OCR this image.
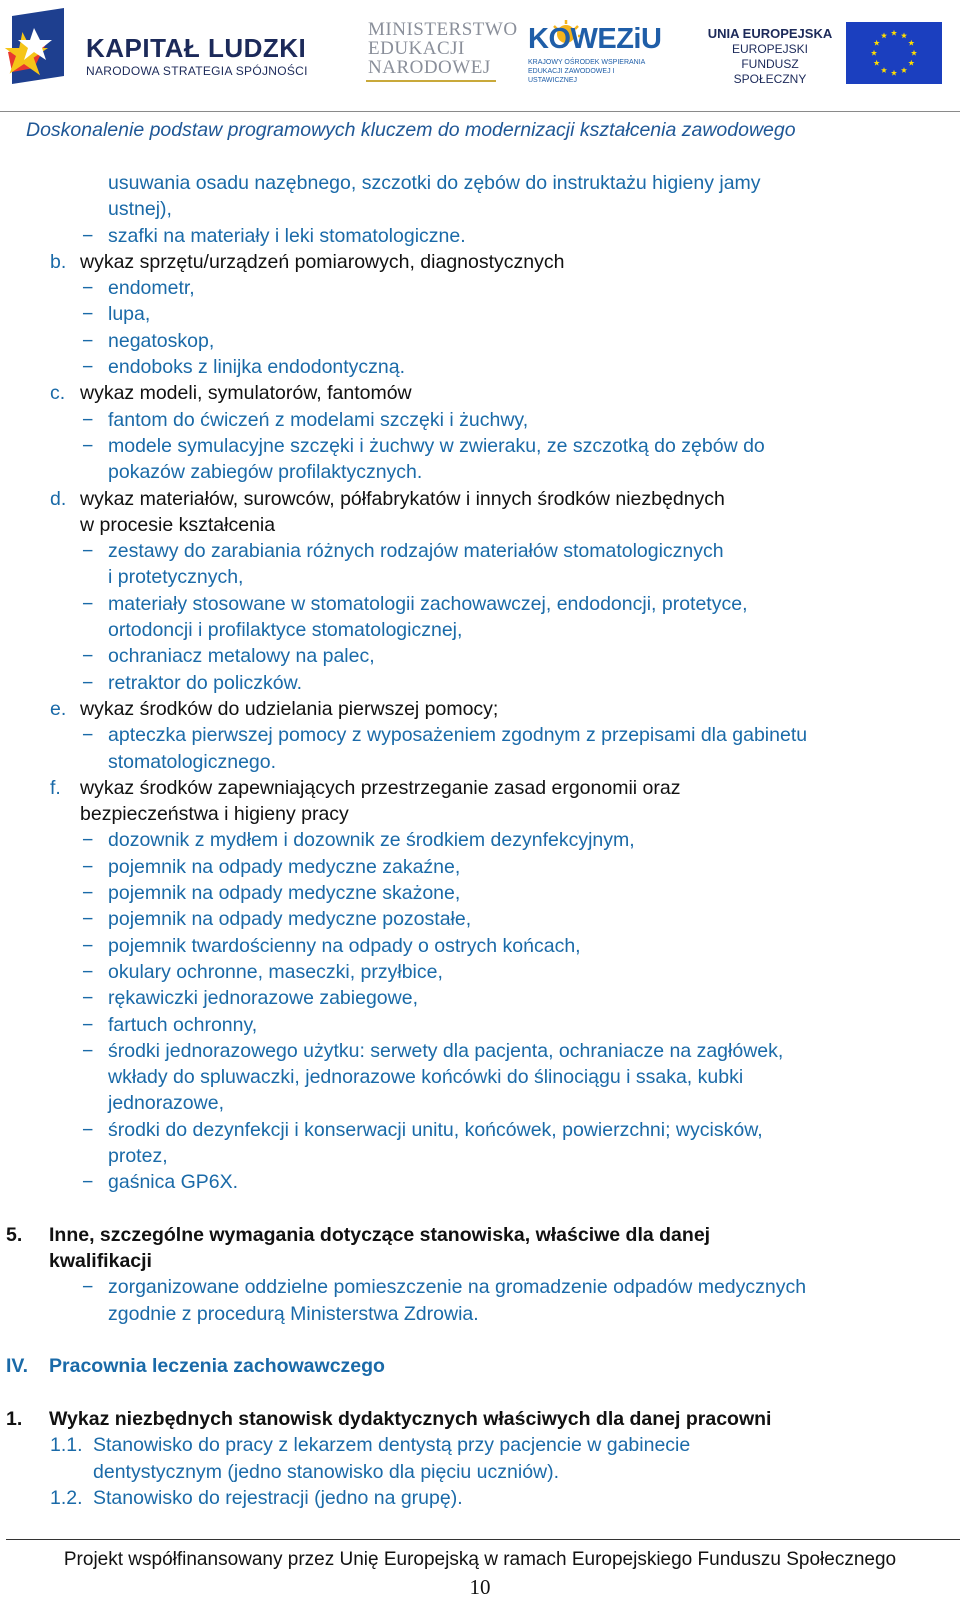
KAPITAŁ LUDZKI
NARODOWA STRATEGIA SPÓJNOŚCI
MINISTERSTWO
EDUKACJI
NARODOWEJ
KOWEZiU
KRAJOWY OŚRODEK WSPIERANIA EDUKACJI ZAWODOWEJ I USTAWICZNEJ
UNIA EUROPEJSKA
EUROPEJSKI
FUNDUSZ SPOŁECZNY
Doskonalenie podstaw programowych kluczem do modernizacji kształcenia zawodowego
usuwania osadu nazębnego, szczotki do zębów do instruktażu higieny jamy
ustnej),
− szafki na materiały i leki stomatologiczne.
b. wykaz sprzętu/urządzeń pomiarowych, diagnostycznych
− endometr,
− lupa,
− negatoskop,
− endoboks z linijka endodontyczną.
c. wykaz modeli, symulatorów, fantomów
− fantom do ćwiczeń z modelami szczęki i żuchwy,
− modele symulacyjne szczęki i żuchwy w zwieraku, ze szczotką do zębów do
pokazów zabiegów profilaktycznych.
d. wykaz materiałów, surowców, półfabrykatów i innych środków niezbędnych
w procesie kształcenia
− zestawy do zarabiania różnych rodzajów materiałów stomatologicznych
i protetycznych,
− materiały stosowane w stomatologii zachowawczej, endodoncji, protetyce,
ortodoncji i profilaktyce stomatologicznej,
− ochraniacz metalowy na palec,
− retraktor do policzków.
e. wykaz środków do udzielania pierwszej pomocy;
− apteczka pierwszej pomocy z wyposażeniem zgodnym z przepisami dla gabinetu
stomatologicznego.
f. wykaz środków zapewniających przestrzeganie zasad ergonomii oraz
bezpieczeństwa i higieny pracy
− dozownik z mydłem i dozownik ze środkiem dezynfekcyjnym,
− pojemnik na odpady medyczne zakaźne,
− pojemnik na odpady medyczne skażone,
− pojemnik na odpady medyczne pozostałe,
− pojemnik twardościenny na odpady o ostrych końcach,
− okulary ochronne, maseczki, przyłbice,
− rękawiczki jednorazowe zabiegowe,
− fartuch ochronny,
− środki jednorazowego użytku: serwety dla pacjenta, ochraniacze na zagłówek,
wkłady do spluwaczki, jednorazowe końcówki do ślinociągu i ssaka, kubki
jednorazowe,
− środki do dezynfekcji i konserwacji unitu, końcówek, powierzchni; wycisków,
protez,
− gaśnica GP6X.
5. Inne, szczególne wymagania dotyczące stanowiska, właściwe dla danej
kwalifikacji
− zorganizowane oddzielne pomieszczenie na gromadzenie odpadów medycznych
zgodnie z procedurą Ministerstwa Zdrowia.
IV. Pracownia leczenia zachowawczego
1. Wykaz niezbędnych stanowisk dydaktycznych właściwych dla danej pracowni
1.1. Stanowisko do pracy z lekarzem dentystą przy pacjencie w gabinecie
dentystycznym (jedno stanowisko dla pięciu uczniów).
1.2. Stanowisko do rejestracji (jedno na grupę).
Projekt współfinansowany przez Unię Europejską w ramach Europejskiego Funduszu Społecznego
10
